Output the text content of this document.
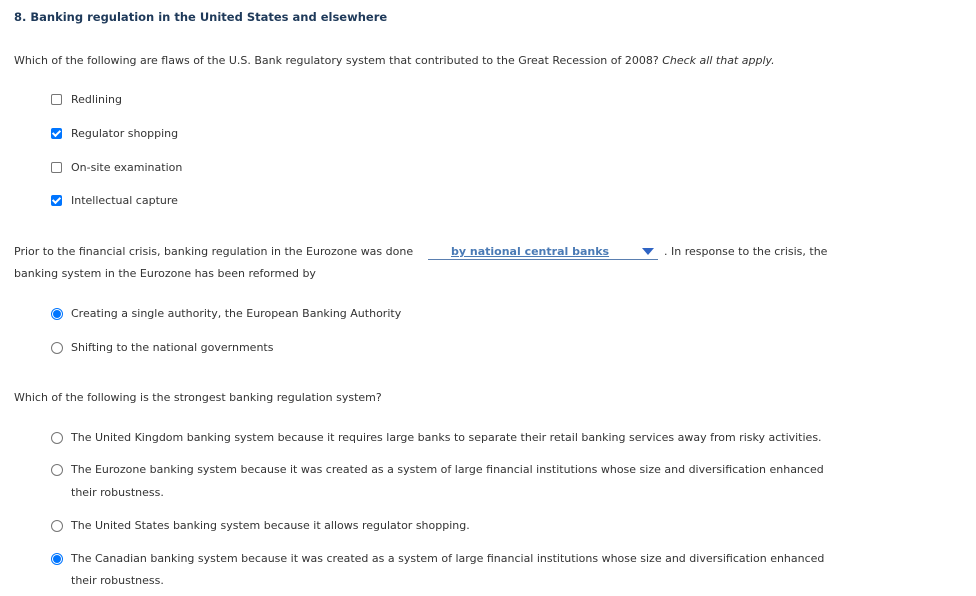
8. Banking regulation in the United States and elsewhere
Which of the following are flaws of the U.S. Bank regulatory system that contributed to the Great Recession of 2008? Check all that apply.
Redlining
Regulator shopping
On-site examination
Intellectual capture
Prior to the financial crisis, banking regulation in the Eurozone was done	by national central banks	. In response to the crisis, the
banking system in the Eurozone has been reformed by
Creating a single authority, the European Banking Authority
Shifting to the national governments
Which of the following is the strongest banking regulation system?
The United Kingdom banking system because it requires large banks to separate their retail banking services away from risky activities.
The Eurozone banking system because it was created as a system of large financial institutions whose size and diversification enhanced
their robustness.
The United States banking system because it allows regulator shopping.
The Canadian banking system because it was created as a system of large financial institutions whose size and diversification enhanced
their robustness.
